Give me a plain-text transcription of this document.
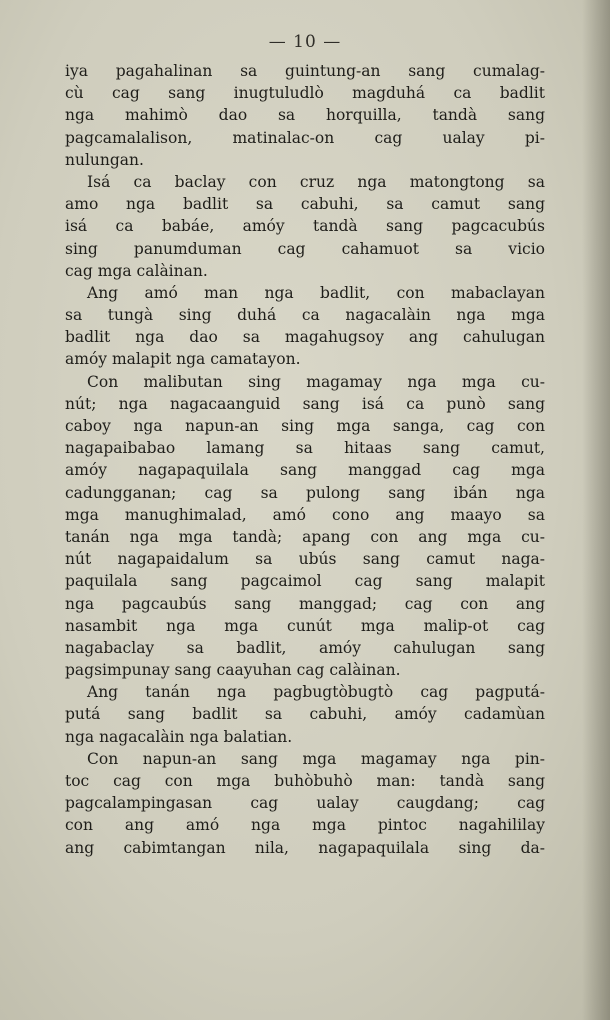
— 10 —
iya pagahalinan sa guintung-an sang cumalag-
cù cag sang inugtuludlò magduhá ca badlit
nga mahimò dao sa horquilla, tandà sang
pagcamalalison, matinalac-on cag ualay pi-
nulungan.
Isá ca baclay con cruz nga matongtong sa
amo nga badlit sa cabuhi, sa camut sang
isá ca babáe, amóy tandà sang pagcacubús
sing panumduman cag cahamuot sa vicio
cag mga calàinan.
Ang amó man nga badlit, con mabaclayan
sa tungà sing duhá ca nagacalàin nga mga
badlit nga dao sa magahugsoy ang cahulugan
amóy malapit nga camatayon.
Con malibutan sing magamay nga mga cu-
nút; nga nagacaanguid sang isá ca punò sang
caboy nga napun-an sing mga sanga, cag con
nagapaibabao lamang sa hitaas sang camut,
amóy nagapaquilala sang manggad cag mga
cadungganan; cag sa pulong sang ibán nga
mga manughimalad, amó cono ang maayo sa
tanán nga mga tandà; apang con ang mga cu-
nút nagapaidalum sa ubús sang camut naga-
paquilala sang pagcaimol cag sang malapit
nga pagcaubús sang manggad; cag con ang
nasambit nga mga cunút mga malip-ot cag
nagabaclay sa badlit, amóy cahulugan sang
pagsimpunay sang caayuhan cag calàinan.
Ang tanán nga pagbugtòbugtò cag pagputá-
putá sang badlit sa cabuhi, amóy cadamùan
nga nagacalàin nga balatian.
Con napun-an sang mga magamay nga pin-
toc cag con mga buhòbuhò man: tandà sang
pagcalampingasan cag ualay caugdang; cag
con ang amó nga mga pintoc nagahililay
ang cabimtangan nila, nagapaquilala sing da-
